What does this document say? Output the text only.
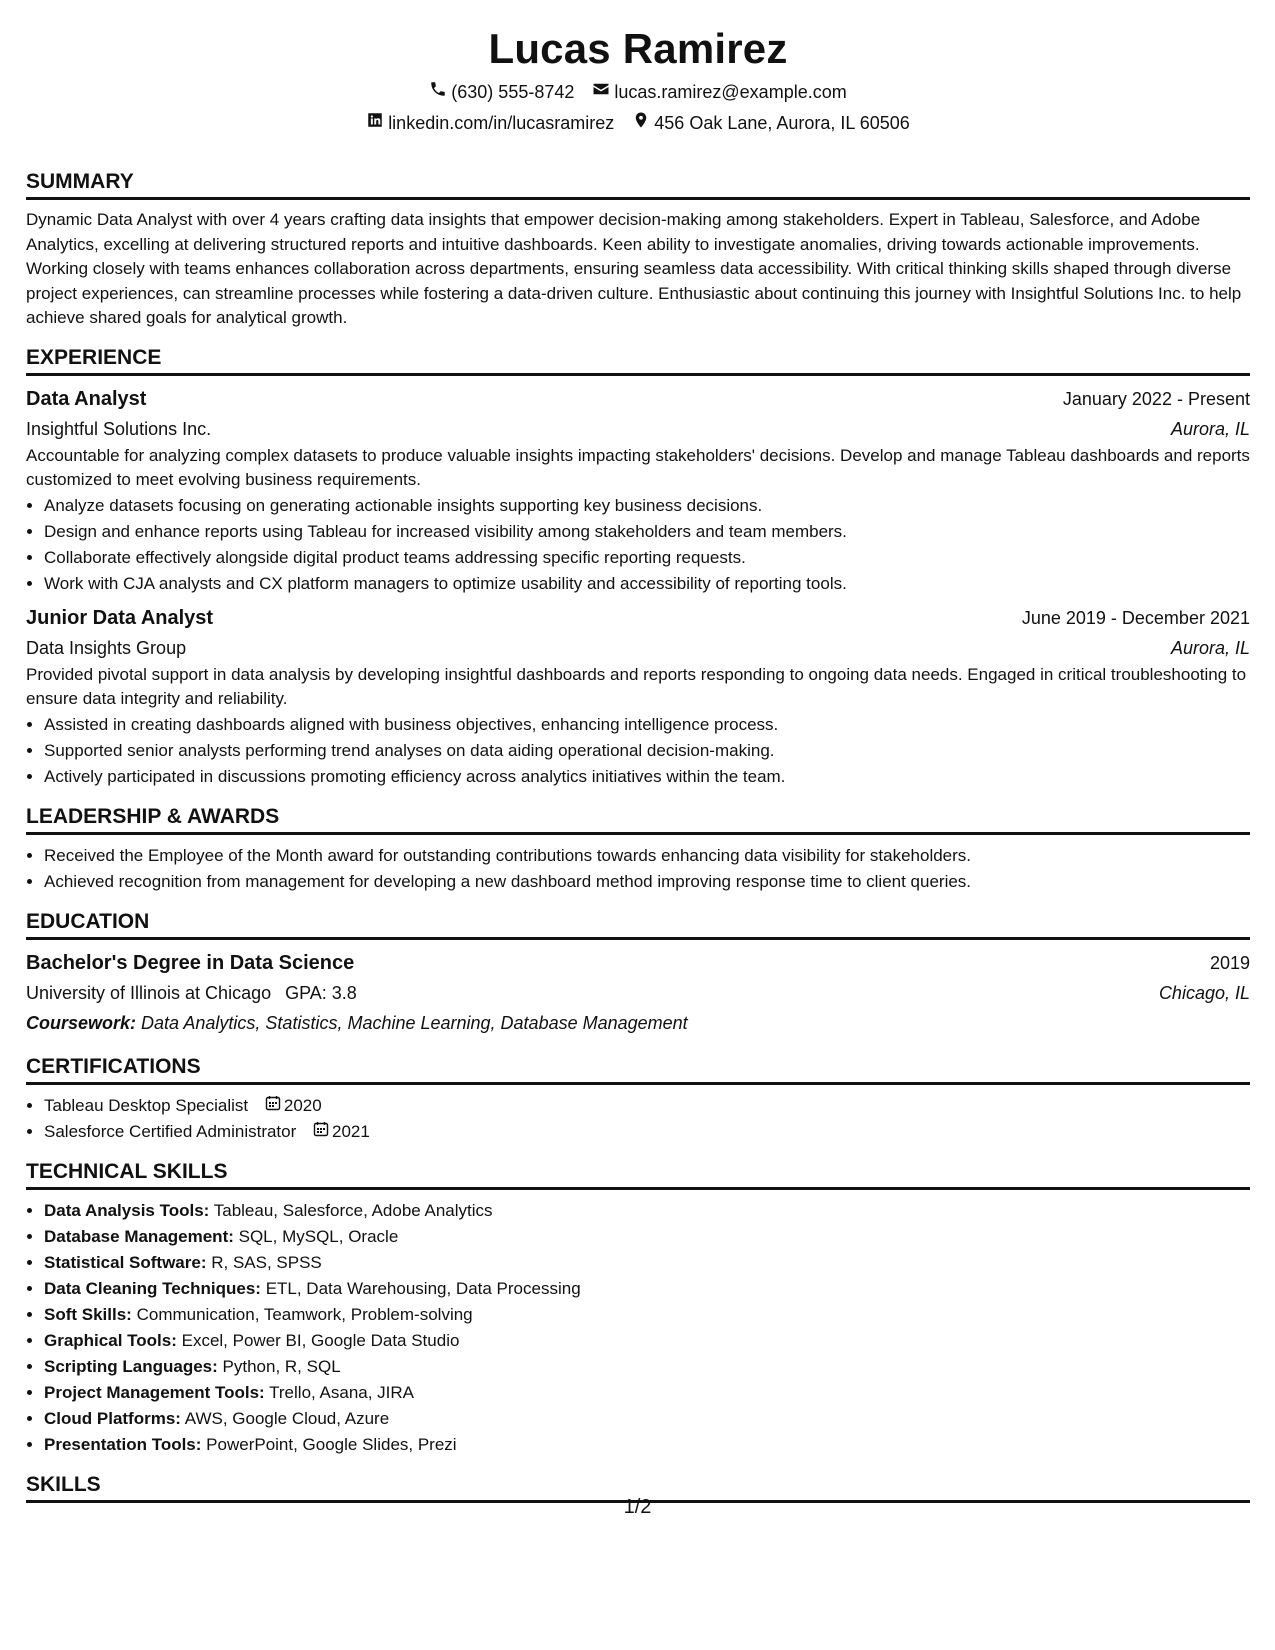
Lucas Ramirez
(630) 555-8742 lucas.ramirez@example.com
linkedin.com/in/lucasramirez 456 Oak Lane, Aurora, IL 60506
SUMMARY

Dynamic Data Analyst with over 4 years crafting data insights that empower decision-making among stakeholders. Expert in Tableau, Salesforce, and Adobe Analytics, excelling at delivering structured reports and intuitive dashboards. Keen ability to investigate anomalies, driving towards actionable improvements. Working closely with teams enhances collaboration across departments, ensuring seamless data accessibility. With critical thinking skills shaped through diverse project experiences, can streamline processes while fostering a data-driven culture. Enthusiastic about continuing this journey with Insightful Solutions Inc. to help achieve shared goals for analytical growth.

EXPERIENCE
Data Analyst	January 2022 - Present
Insightful Solutions Inc.	Aurora, IL

Accountable for analyzing complex datasets to produce valuable insights impacting stakeholders' decisions. Develop and manage Tableau dashboards and reports customized to meet evolving business requirements.

• Analyze datasets focusing on generating actionable insights supporting key business decisions.
• Design and enhance reports using Tableau for increased visibility among stakeholders and team members.
• Collaborate effectively alongside digital product teams addressing specific reporting requests.
• Work with CJA analysts and CX platform managers to optimize usability and accessibility of reporting tools.
Junior Data Analyst	June 2019 - December 2021
Data Insights Group	Aurora, IL

Provided pivotal support in data analysis by developing insightful dashboards and reports responding to ongoing data needs. Engaged in critical troubleshooting to ensure data integrity and reliability.

• Assisted in creating dashboards aligned with business objectives, enhancing intelligence process.
• Supported senior analysts performing trend analyses on data aiding operational decision-making.
• Actively participated in discussions promoting efficiency across analytics initiatives within the team.
LEADERSHIP & AWARDS
• Received the Employee of the Month award for outstanding contributions towards enhancing data visibility for stakeholders.
• Achieved recognition from management for developing a new dashboard method improving response time to client queries.
EDUCATION
Bachelor's Degree in Data Science	2019
University of Illinois at Chicago GPA: 3.8	Chicago, IL
Coursework: Data Analytics, Statistics, Machine Learning, Database Management
CERTIFICATIONS
• Tableau Desktop Specialist 2020
• Salesforce Certified Administrator 2021
TECHNICAL SKILLS
• Data Analysis Tools: Tableau, Salesforce, Adobe Analytics
• Database Management: SQL, MySQL, Oracle
• Statistical Software: R, SAS, SPSS
• Data Cleaning Techniques: ETL, Data Warehousing, Data Processing
• Soft Skills: Communication, Teamwork, Problem-solving
• Graphical Tools: Excel, Power BI, Google Data Studio
• Scripting Languages: Python, R, SQL
• Project Management Tools: Trello, Asana, JIRA
• Cloud Platforms: AWS, Google Cloud, Azure
• Presentation Tools: PowerPoint, Google Slides, Prezi
SKILLS
1/2
